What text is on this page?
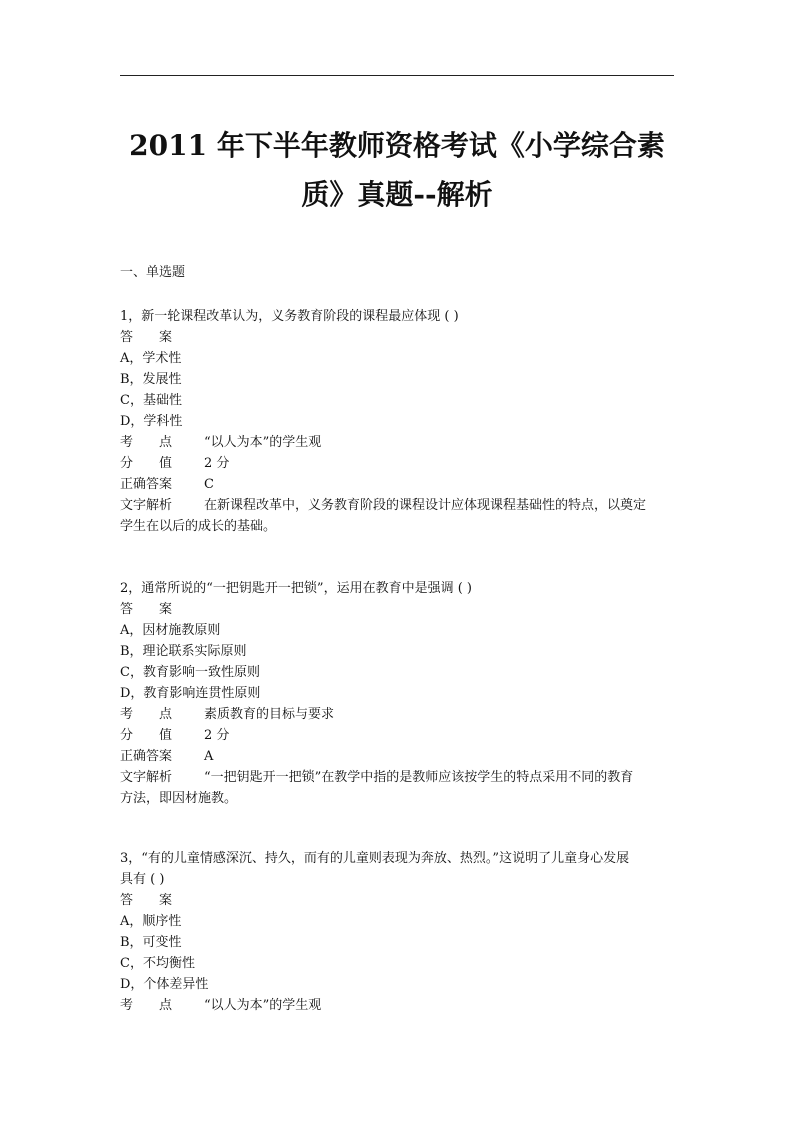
2011 年下半年教师资格考试《小学综合素
质》真题--解析
一、单选题
1，新一轮课程改革认为，义务教育阶段的课程最应体现 ( )
答　　案
A，学术性
B，发展性
C，基础性
D，学科性
考　　点 “以人为本”的学生观
分　　值 2 分
正确答案 C
文字解析 在新课程改革中，义务教育阶段的课程设计应体现课程基础性的特点，以奠定
学生在以后的成长的基础。
2，通常所说的“一把钥匙开一把锁”，运用在教育中是强调 ( )
答　　案
A，因材施教原则
B，理论联系实际原则
C，教育影响一致性原则
D，教育影响连贯性原则
考　　点 素质教育的目标与要求
分　　值 2 分
正确答案 A
文字解析 “一把钥匙开一把锁”在教学中指的是教师应该按学生的特点采用不同的教育
方法，即因材施教。
3，“有的儿童情感深沉、持久，而有的儿童则表现为奔放、热烈。”这说明了儿童身心发展
具有 ( )
答　　案
A，顺序性
B，可变性
C，不均衡性
D，个体差异性
考　　点 “以人为本”的学生观
